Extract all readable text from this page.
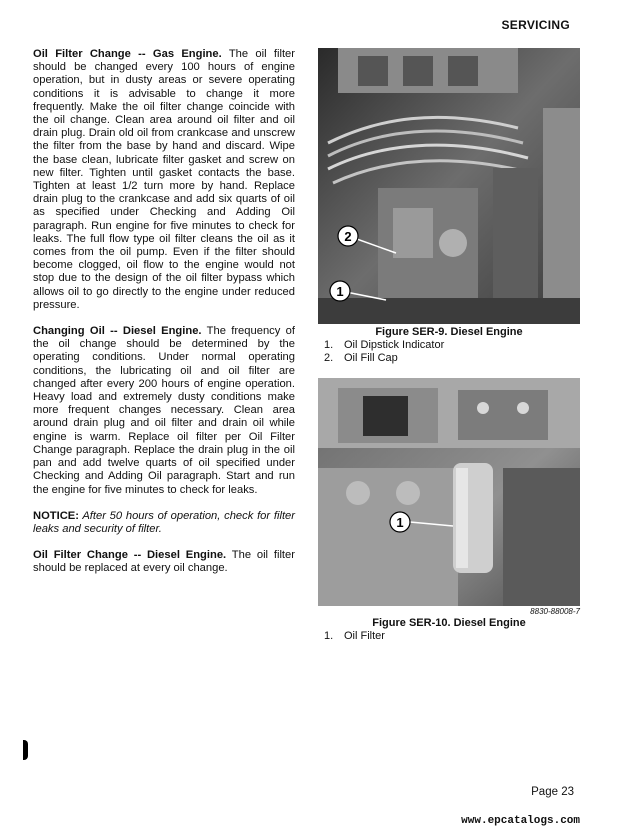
SERVICING

Oil Filter Change -- Gas Engine. The oil filter should be changed every 100 hours of engine operation, but in dusty areas or severe operating conditions it is advisable to change it more frequently. Make the oil filter change coincide with the oil change. Clean area around oil filter and oil drain plug. Drain old oil from crankcase and unscrew the filter from the base by hand and discard. Wipe the base clean, lubricate filter gasket and screw on new filter. Tighten until gasket contacts the base. Tighten at least 1/2 turn more by hand. Replace drain plug to the crankcase and add six quarts of oil as specified under Checking and Adding Oil paragraph. Run engine for five minutes to check for leaks. The full flow type oil filter cleans the oil as it comes from the oil pump. Even if the filter should become clogged, oil flow to the engine would not stop due to the design of the oil filter bypass which allows oil to go directly to the engine under reduced pressure.

Changing Oil -- Diesel Engine. The frequency of the oil change should be determined by the operating conditions. Under normal operating conditions, the lubricating oil and oil filter are changed after every 200 hours of engine operation. Heavy load and extremely dusty conditions make more frequent changes necessary. Clean area around drain plug and oil filter and drain oil while engine is warm. Replace oil filter per Oil Filter Change paragraph. Replace the drain plug in the oil pan and add twelve quarts of oil specified under Checking and Adding Oil paragraph. Start and run the engine for five minutes to check for leaks.

NOTICE: After 50 hours of operation, check for filter leaks and security of filter.

Oil Filter Change -- Diesel Engine. The oil filter should be replaced at every oil change.

2
1
Figure SER-9. Diesel Engine
1. Oil Dipstick Indicator
2. Oil Fill Cap
1
8830-88008-7
Figure SER-10. Diesel Engine
1. Oil Filter
Page 23
www.epcatalogs.com
